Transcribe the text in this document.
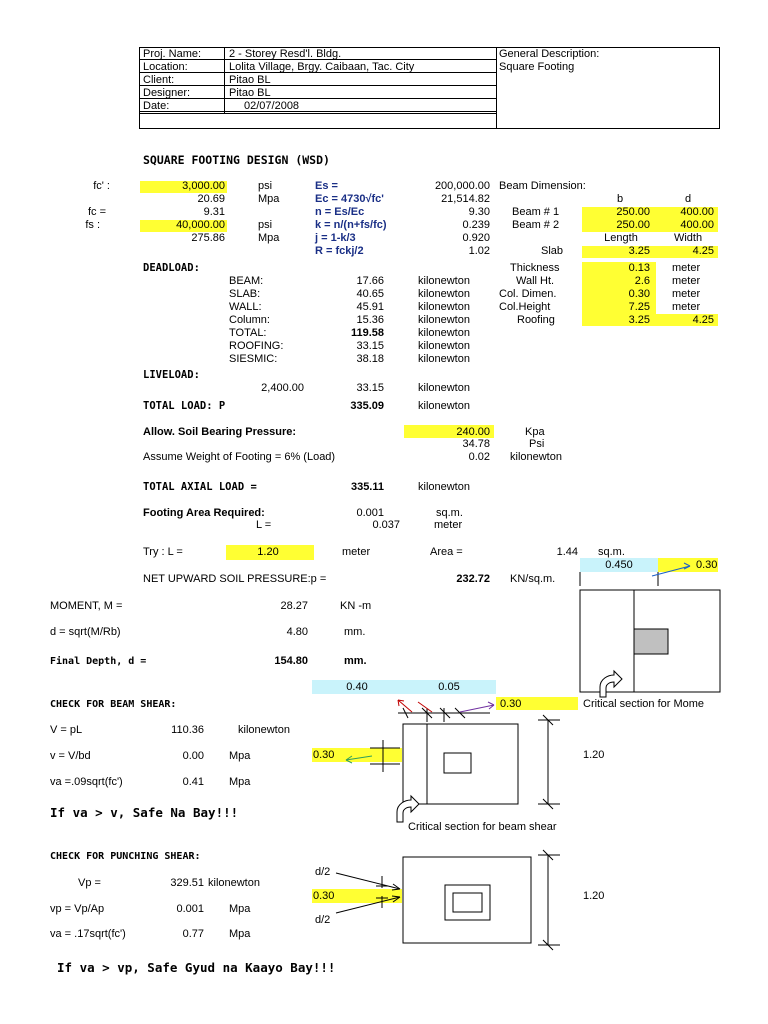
Proj. Name:	2 - Storey Resd'l. Bldg.
Location:	Lolita Village, Brgy. Caibaan, Tac. City
Client:	Pitao BL
Designer:	Pitao BL
Date:	02/07/2008
General Description:
Square Footing
SQUARE FOOTING DESIGN (WSD)
fc' :	3,000.00	psi
20.69	Mpa
fc =	9.31
fs :	40,000.00	psi
275.86	Mpa
Es =	200,000.00
Ec = 4730√fc'	21,514.82
n = Es/Ec	9.30
k = n/(n+fs/fc)	0.239
j = 1-k/3	0.920
R = fckj/2	1.02
Beam Dimension:
b	d
Beam # 1	250.00	400.00
Beam # 2	250.00	400.00
Length	Width
Slab	3.25	4.25
Thickness	0.13 meter
Wall Ht.	2.6 meter
Col. Dimen.	0.30 meter
Col.Height	7.25 meter
Roofing	3.25	4.25
DEADLOAD:
BEAM:	17.66	kilonewton
SLAB:	40.65	kilonewton
WALL:	45.91	kilonewton
Column:	15.36	kilonewton
TOTAL:	119.58	kilonewton
ROOFING:	33.15	kilonewton
SIESMIC:	38.18	kilonewton
LIVELOAD:
2,400.00	33.15	kilonewton
TOTAL LOAD: P	335.09	kilonewton
Allow. Soil Bearing Pressure:	240.00	Kpa
34.78	Psi
Assume Weight of Footing = 6% (Load)	0.02 kilonewton
TOTAL AXIAL LOAD =	335.11	kilonewton
Footing Area Required:	0.001	sq.m.
L =	0.037	meter
Try : L =	1.20	meter	Area =	1.44 sq.m.
0.450	0.30
NET UPWARD SOIL PRESSURE:p =	232.72 KN/sq.m.
MOMENT, M =	28.27	KN -m
d = sqrt(M/Rb)	4.80	mm.
Final Depth, d =	154.80	mm.
0.40	0.05
0.30	Critical section for Mome
CHECK FOR BEAM SHEAR:
V = pL	110.36	kilonewton
v = V/bd	0.00 Mpa
va =.09sqrt(fc')	0.41 Mpa
0.30	1.20
Critical section for beam shear
If va > v, Safe Na Bay!!!
CHECK FOR PUNCHING SHEAR:
Vp =	329.51 kilonewton
vp = Vp/Ap	0.001 Mpa
va = .17sqrt(fc')	0.77 Mpa
d/2
0.30
d/2
1.20
If va > vp, Safe Gyud na Kaayo Bay!!!
